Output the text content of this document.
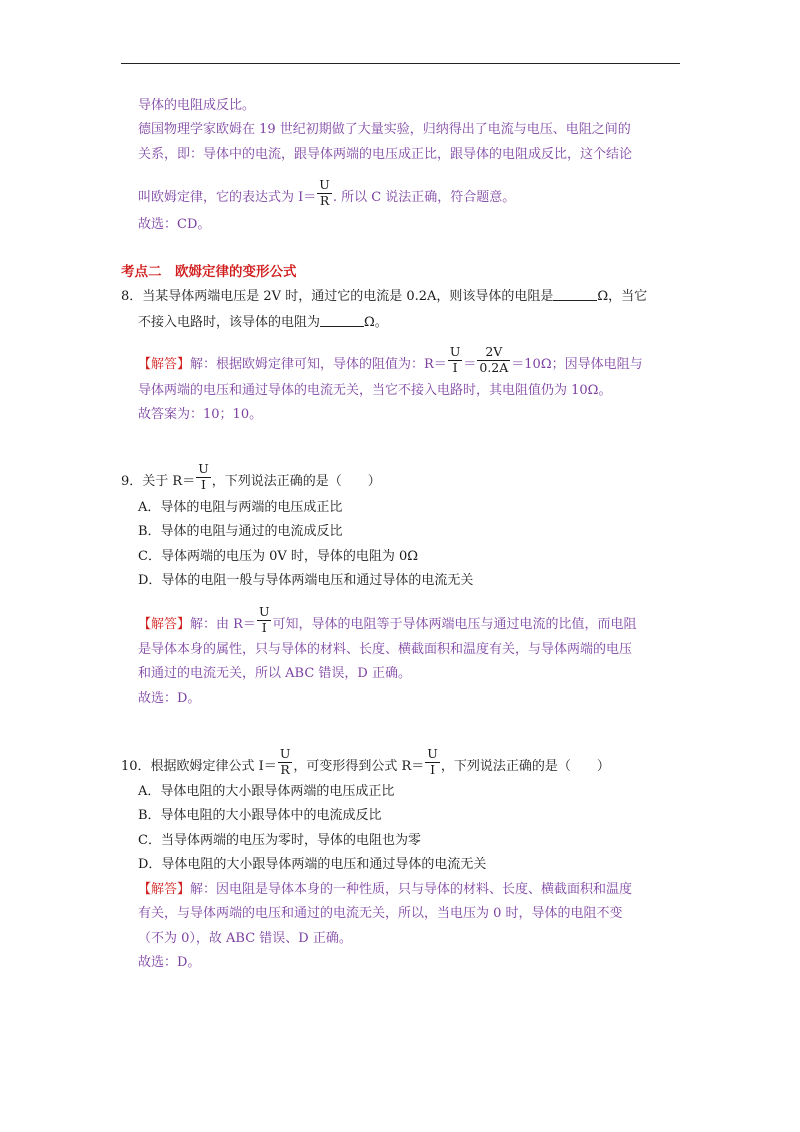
导体的电阻成反比。
德国物理学家欧姆在 19 世纪初期做了大量实验，归纳得出了电流与电压、电阻之间的
关系，即：导体中的电流，跟导体两端的电压成正比，跟导体的电阻成反比，这个结论
叫欧姆定律，它的表达式为 $I= \frac{U}{R}$ . 所以 C 说法正确，符合题意。
故选：CD。
考点二　欧姆定律的变形公式
8．当某导体两端电压是 2V 时，通过它的电流是 0.2A，则该导体的电阻是	Ω，当它
不接入电路时，该导体的电阻为	Ω。
【解答】解：根据欧姆定律可知，导体的阻值为：$R= \frac{U}{I} = \frac{2V}{0.2A} =10\Omega$；因导体电阻与
导体两端的电压和通过导体的电流无关，当它不接入电路时，其电阻值仍为 10Ω。
故答案为：10；10。
9．关于 $R= \frac{U}{I}$ ，下列说法正确的是（　　）
A．导体的电阻与两端的电压成正比
B．导体的电阻与通过的电流成反比
C．导体两端的电压为 0V 时，导体的电阻为 0Ω
D．导体的电阻一般与导体两端电压和通过导体的电流无关
【解答】解：由 $R= \frac{U}{I}$ 可知，导体的电阻等于导体两端电压与通过电流的比值，而电阻
是导体本身的属性，只与导体的材料、长度、横截面积和温度有关，与导体两端的电压
和通过的电流无关，所以 ABC 错误，D 正确。
故选：D。
10．根据欧姆定律公式 $I= \frac{U}{R}$ ，可变形得到公式 $R= \frac{U}{I}$ ，下列说法正确的是（　　）
A．导体电阻的大小跟导体两端的电压成正比
B．导体电阻的大小跟导体中的电流成反比
C．当导体两端的电压为零时，导体的电阻也为零
D．导体电阻的大小跟导体两端的电压和通过导体的电流无关
【解答】解：因电阻是导体本身的一种性质，只与导体的材料、长度、横截面积和温度
有关，与导体两端的电压和通过的电流无关，所以，当电压为 0 时，导体的电阻不变
（不为 0），故 ABC 错误、D 正确。
故选：D。
